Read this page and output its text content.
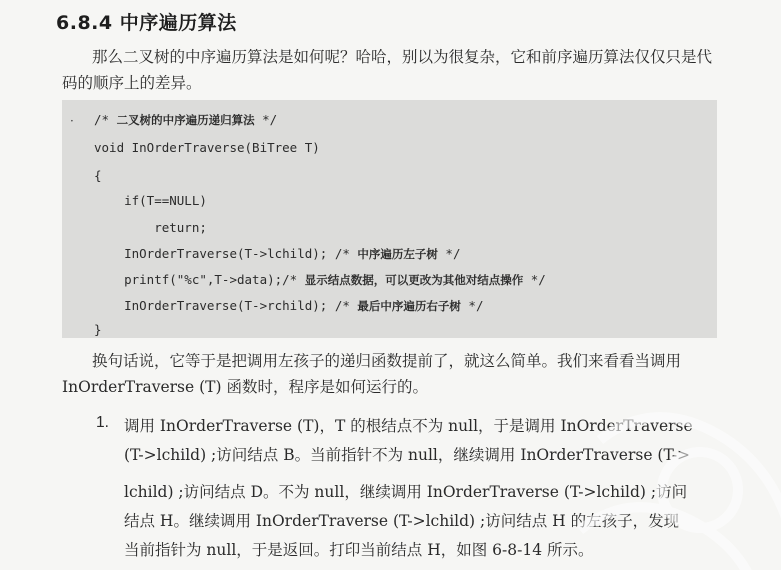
6.8.4 中序遍历算法
那么二叉树的中序遍历算法是如何呢？哈哈，别以为很复杂，它和前序遍历算法仅仅只是代码的顺序上的差异。
/* 二叉树的中序遍历递归算法 */
void InOrderTraverse(BiTree T)
{
if(T==NULL)
return;
InOrderTraverse(T->lchild); /* 中序遍历左子树 */
printf("%c",T->data);/* 显示结点数据，可以更改为其他对结点操作 */
InOrderTraverse(T->rchild); /* 最后中序遍历右子树 */
}
·
换句话说，它等于是把调用左孩子的递归函数提前了，就这么简单。我们来看看当调用 InOrderTraverse (T) 函数时，程序是如何运行的。
1. 调用 InOrderTraverse (T)，T 的根结点不为 null，于是调用 InOrderTraverse
(T->lchild) ;访问结点 B。当前指针不为 null，继续调用 InOrderTraverse (T->
lchild) ;访问结点 D。不为 null，继续调用 InOrderTraverse (T->lchild) ;访问
结点 H。继续调用 InOrderTraverse (T->lchild) ;访问结点 H 的左孩子，发现
当前指针为 null，于是返回。打印当前结点 H，如图 6-8-14 所示。
